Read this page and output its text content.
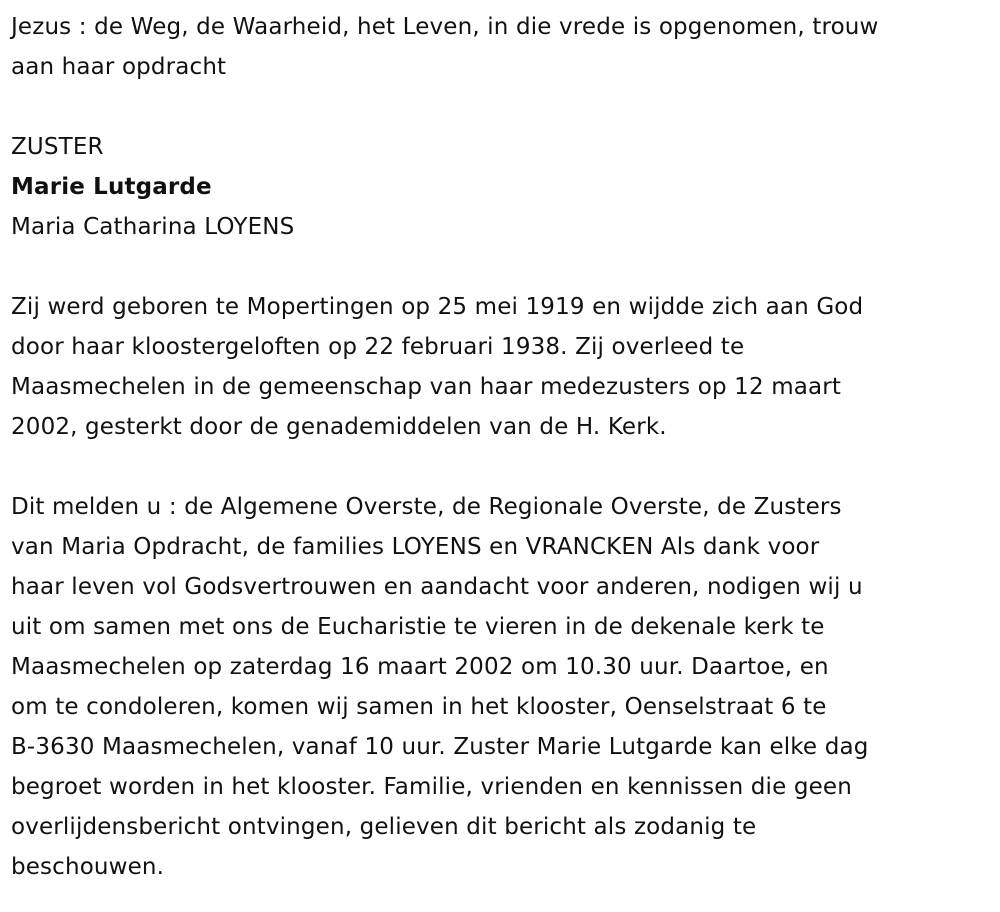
Jezus : de Weg, de Waarheid, het Leven, in die vrede is opgenomen, trouw
aan haar opdracht
ZUSTER
Marie Lutgarde
Maria Catharina LOYENS
Zij werd geboren te Mopertingen op 25 mei 1919 en wijdde zich aan God
door haar kloostergeloften op 22 februari 1938. Zij overleed te
Maasmechelen in de gemeenschap van haar medezusters op 12 maart
2002, gesterkt door de genademiddelen van de H. Kerk.
Dit melden u : de Algemene Overste, de Regionale Overste, de Zusters
van Maria Opdracht, de families LOYENS en VRANCKEN Als dank voor
haar leven vol Godsvertrouwen en aandacht voor anderen, nodigen wij u
uit om samen met ons de Eucharistie te vieren in de dekenale kerk te
Maasmechelen op zaterdag 16 maart 2002 om 10.30 uur. Daartoe, en
om te condoleren, komen wij samen in het klooster, Oenselstraat 6 te
B-3630 Maasmechelen, vanaf 10 uur. Zuster Marie Lutgarde kan elke dag
begroet worden in het klooster. Familie, vrienden en kennissen die geen
overlijdensbericht ontvingen, gelieven dit bericht als zodanig te
beschouwen.
